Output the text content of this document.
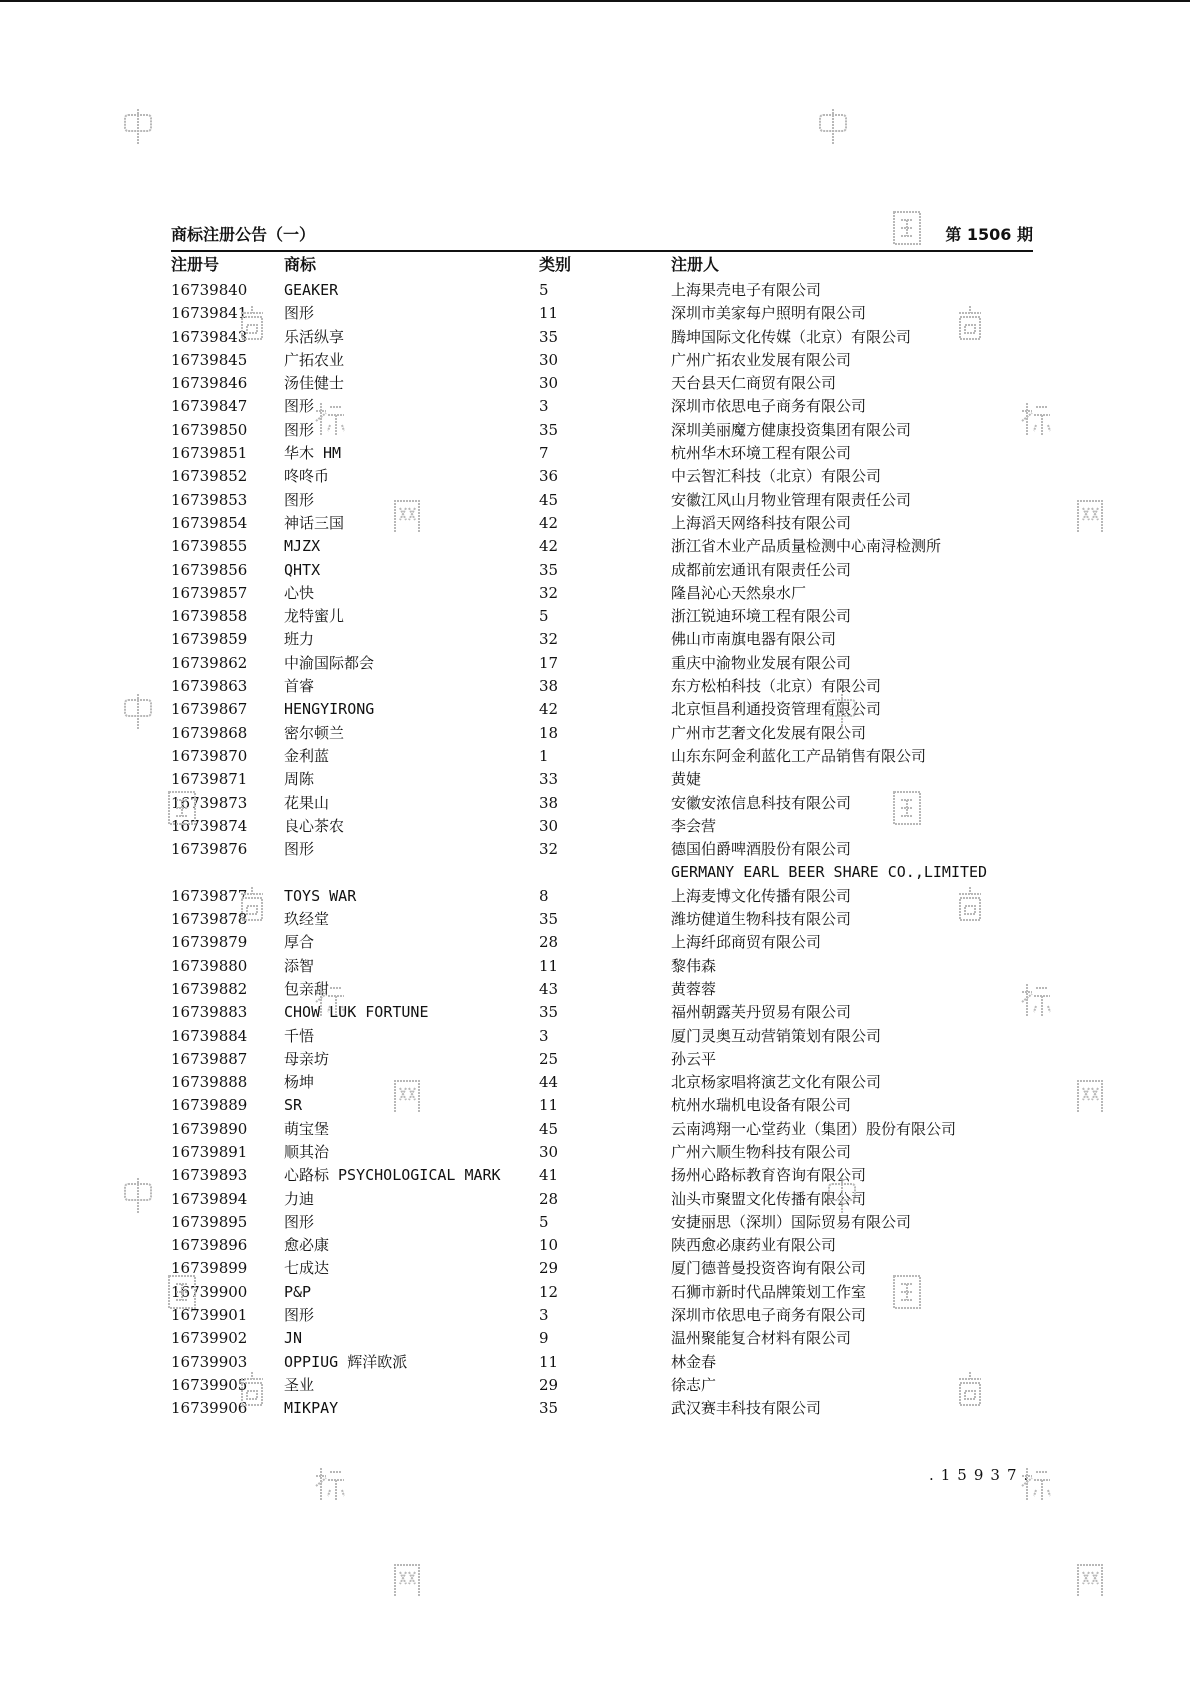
商标注册公告（一）	第 1506 期
注册号	商标	类别	注册人
16739840 GEAKER	5	上海果壳电子有限公司
16739841 图形	11	深圳市美家每户照明有限公司
16739843 乐活纵享	35	腾坤国际文化传媒（北京）有限公司
16739845 广拓农业	30	广州广拓农业发展有限公司
16739846 汤佳健士	30	天台县天仁商贸有限公司
16739847 图形	3	深圳市依思电子商务有限公司
16739850 图形	35	深圳美丽魔方健康投资集团有限公司
16739851 华木 HM	7	杭州华木环境工程有限公司
16739852 咚咚币	36	中云智汇科技（北京）有限公司
16739853 图形	45	安徽江风山月物业管理有限责任公司
16739854 神话三国	42	上海滔天网络科技有限公司
16739855 MJZX	42	浙江省木业产品质量检测中心南浔检测所
16739856 QHTX	35	成都前宏通讯有限责任公司
16739857 心快	32	隆昌沁心天然泉水厂
16739858 龙特蜜儿	5	浙江锐迪环境工程有限公司
16739859 班力	32	佛山市南旗电器有限公司
16739862 中渝国际都会	17	重庆中渝物业发展有限公司
16739863 首睿	38	东方松柏科技（北京）有限公司
16739867 HENGYIRONG	42	北京恒昌利通投资管理有限公司
16739868 密尔顿兰	18	广州市艺奢文化发展有限公司
16739870 金利蓝	1	山东东阿金利蓝化工产品销售有限公司
16739871 周陈	33	黄婕
16739873 花果山	38	安徽安浓信息科技有限公司
16739874 良心茶农	30	李会营
16739876 图形	32	德国伯爵啤酒股份有限公司
GERMANY EARL BEER SHARE CO.,LIMITED
16739877 TOYS WAR	8	上海麦博文化传播有限公司
16739878 玖经堂	35	潍坊健道生物科技有限公司
16739879 厚合	28	上海纤邱商贸有限公司
16739880 添智	11	黎伟森
16739882 包亲甜	43	黄蓉蓉
16739883 CHOW LUK FORTUNE	35	福州朝露芙丹贸易有限公司
16739884 千悟	3	厦门灵奥互动营销策划有限公司
16739887 母亲坊	25	孙云平
16739888 杨坤	44	北京杨家唱将演艺文化有限公司
16739889 SR	11	杭州水瑞机电设备有限公司
16739890 萌宝堡	45	云南鸿翔一心堂药业（集团）股份有限公司
16739891 顺其治	30	广州六顺生物科技有限公司
16739893 心路标 PSYCHOLOGICAL MARK	41	扬州心路标教育咨询有限公司
16739894 力迪	28	汕头市聚盟文化传播有限公司
16739895 图形	5	安捷丽思（深圳）国际贸易有限公司
16739896 愈必康	10	陕西愈必康药业有限公司
16739899 七成达	29	厦门德普曼投资咨询有限公司
16739900 P&P	12	石狮市新时代品牌策划工作室
16739901 图形	3	深圳市依思电子商务有限公司
16739902 JN	9	温州聚能复合材料有限公司
16739903 OPPIUG 辉洋欧派	11	林金春
16739905 圣业	29	徐志广
16739906 MIKPAY	35	武汉赛丰科技有限公司
.15937.
